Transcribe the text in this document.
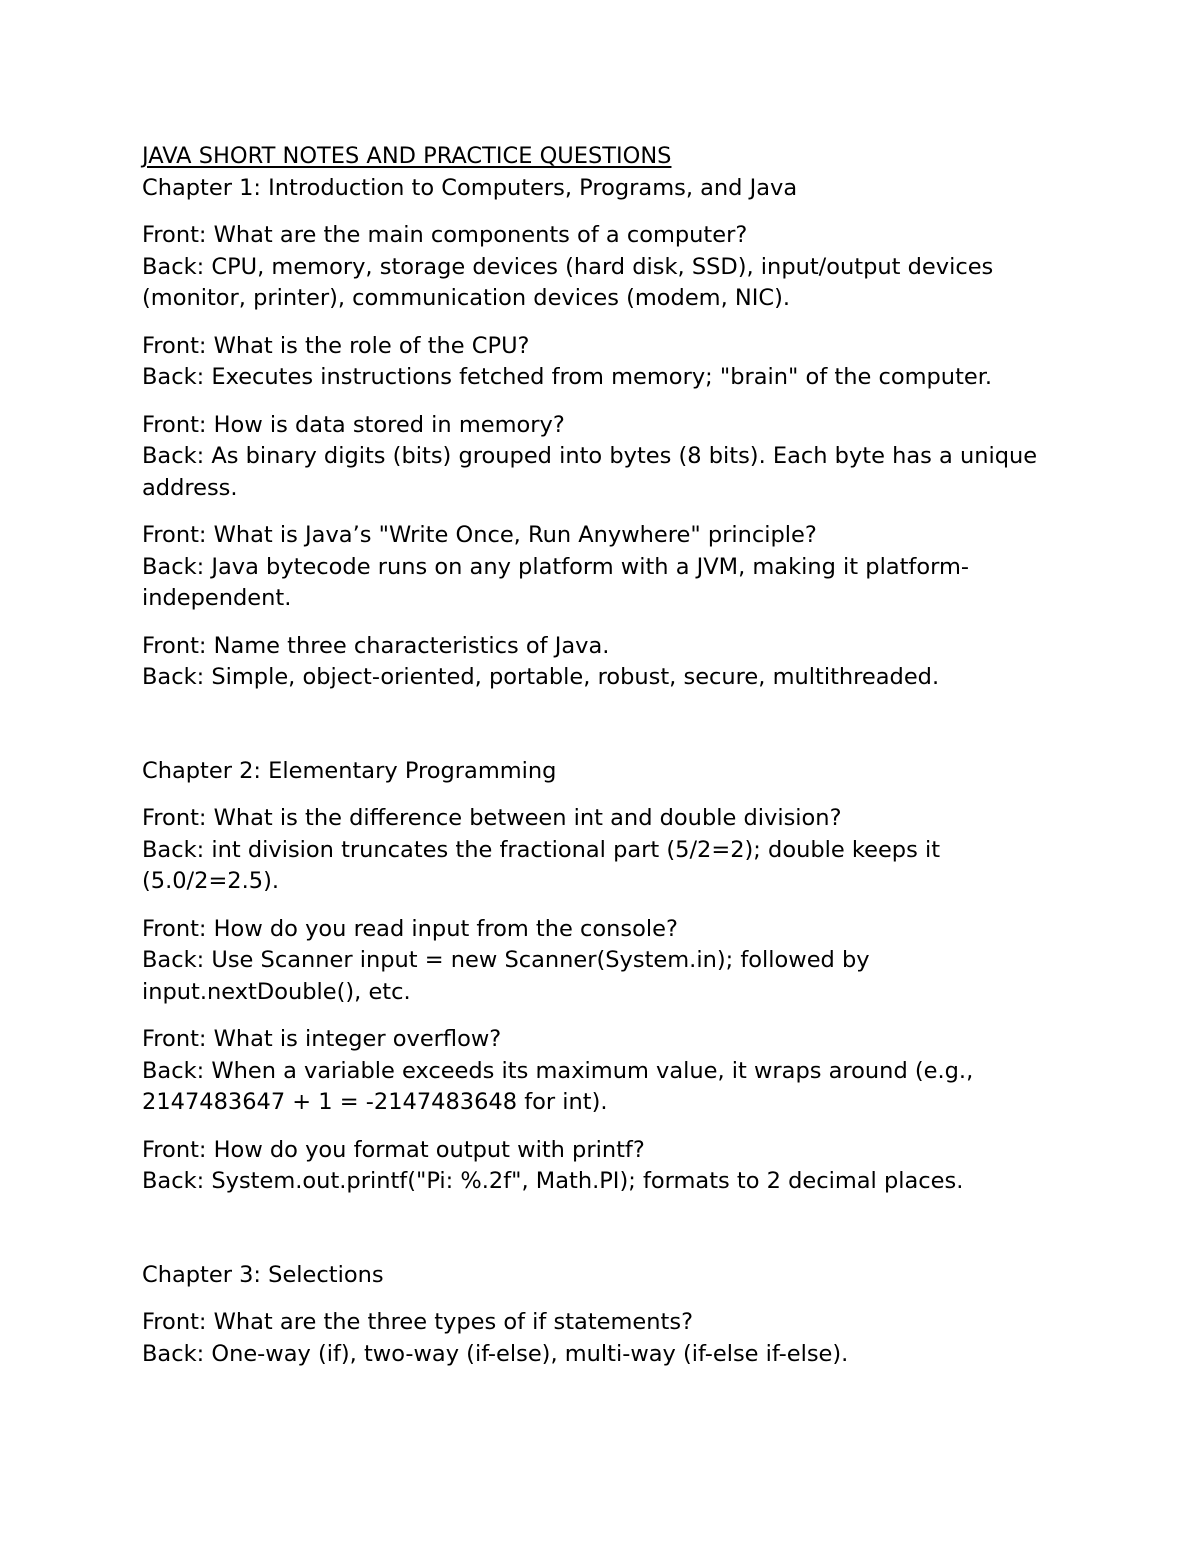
JAVA SHORT NOTES AND PRACTICE QUESTIONS
Chapter 1: Introduction to Computers, Programs, and Java

Front: What are the main components of a computer?

Back: CPU, memory, storage devices (hard disk, SSD), input/output devices (monitor, printer), communication devices (modem, NIC).

Front: What is the role of the CPU?

Back: Executes instructions fetched from memory; "brain" of the computer.

Front: How is data stored in memory?

Back: As binary digits (bits) grouped into bytes (8 bits). Each byte has a unique address.

Front: What is Java’s "Write Once, Run Anywhere" principle?

Back: Java bytecode runs on any platform with a JVM, making it platform-independent.

Front: Name three characteristics of Java.

Back: Simple, object-oriented, portable, robust, secure, multithreaded.

Chapter 2: Elementary Programming

Front: What is the difference between int and double division?

Back: int division truncates the fractional part (5/2=2); double keeps it (5.0/2=2.5).

Front: How do you read input from the console?

Back: Use Scanner input = new Scanner(System.in); followed by input.nextDouble(), etc.

Front: What is integer overflow?

Back: When a variable exceeds its maximum value, it wraps around (e.g., 2147483647 + 1 = -2147483648 for int).

Front: How do you format output with printf?

Back: System.out.printf("Pi: %.2f", Math.PI); formats to 2 decimal places.

Chapter 3: Selections

Front: What are the three types of if statements?

Back: One-way (if), two-way (if-else), multi-way (if-else if-else).
